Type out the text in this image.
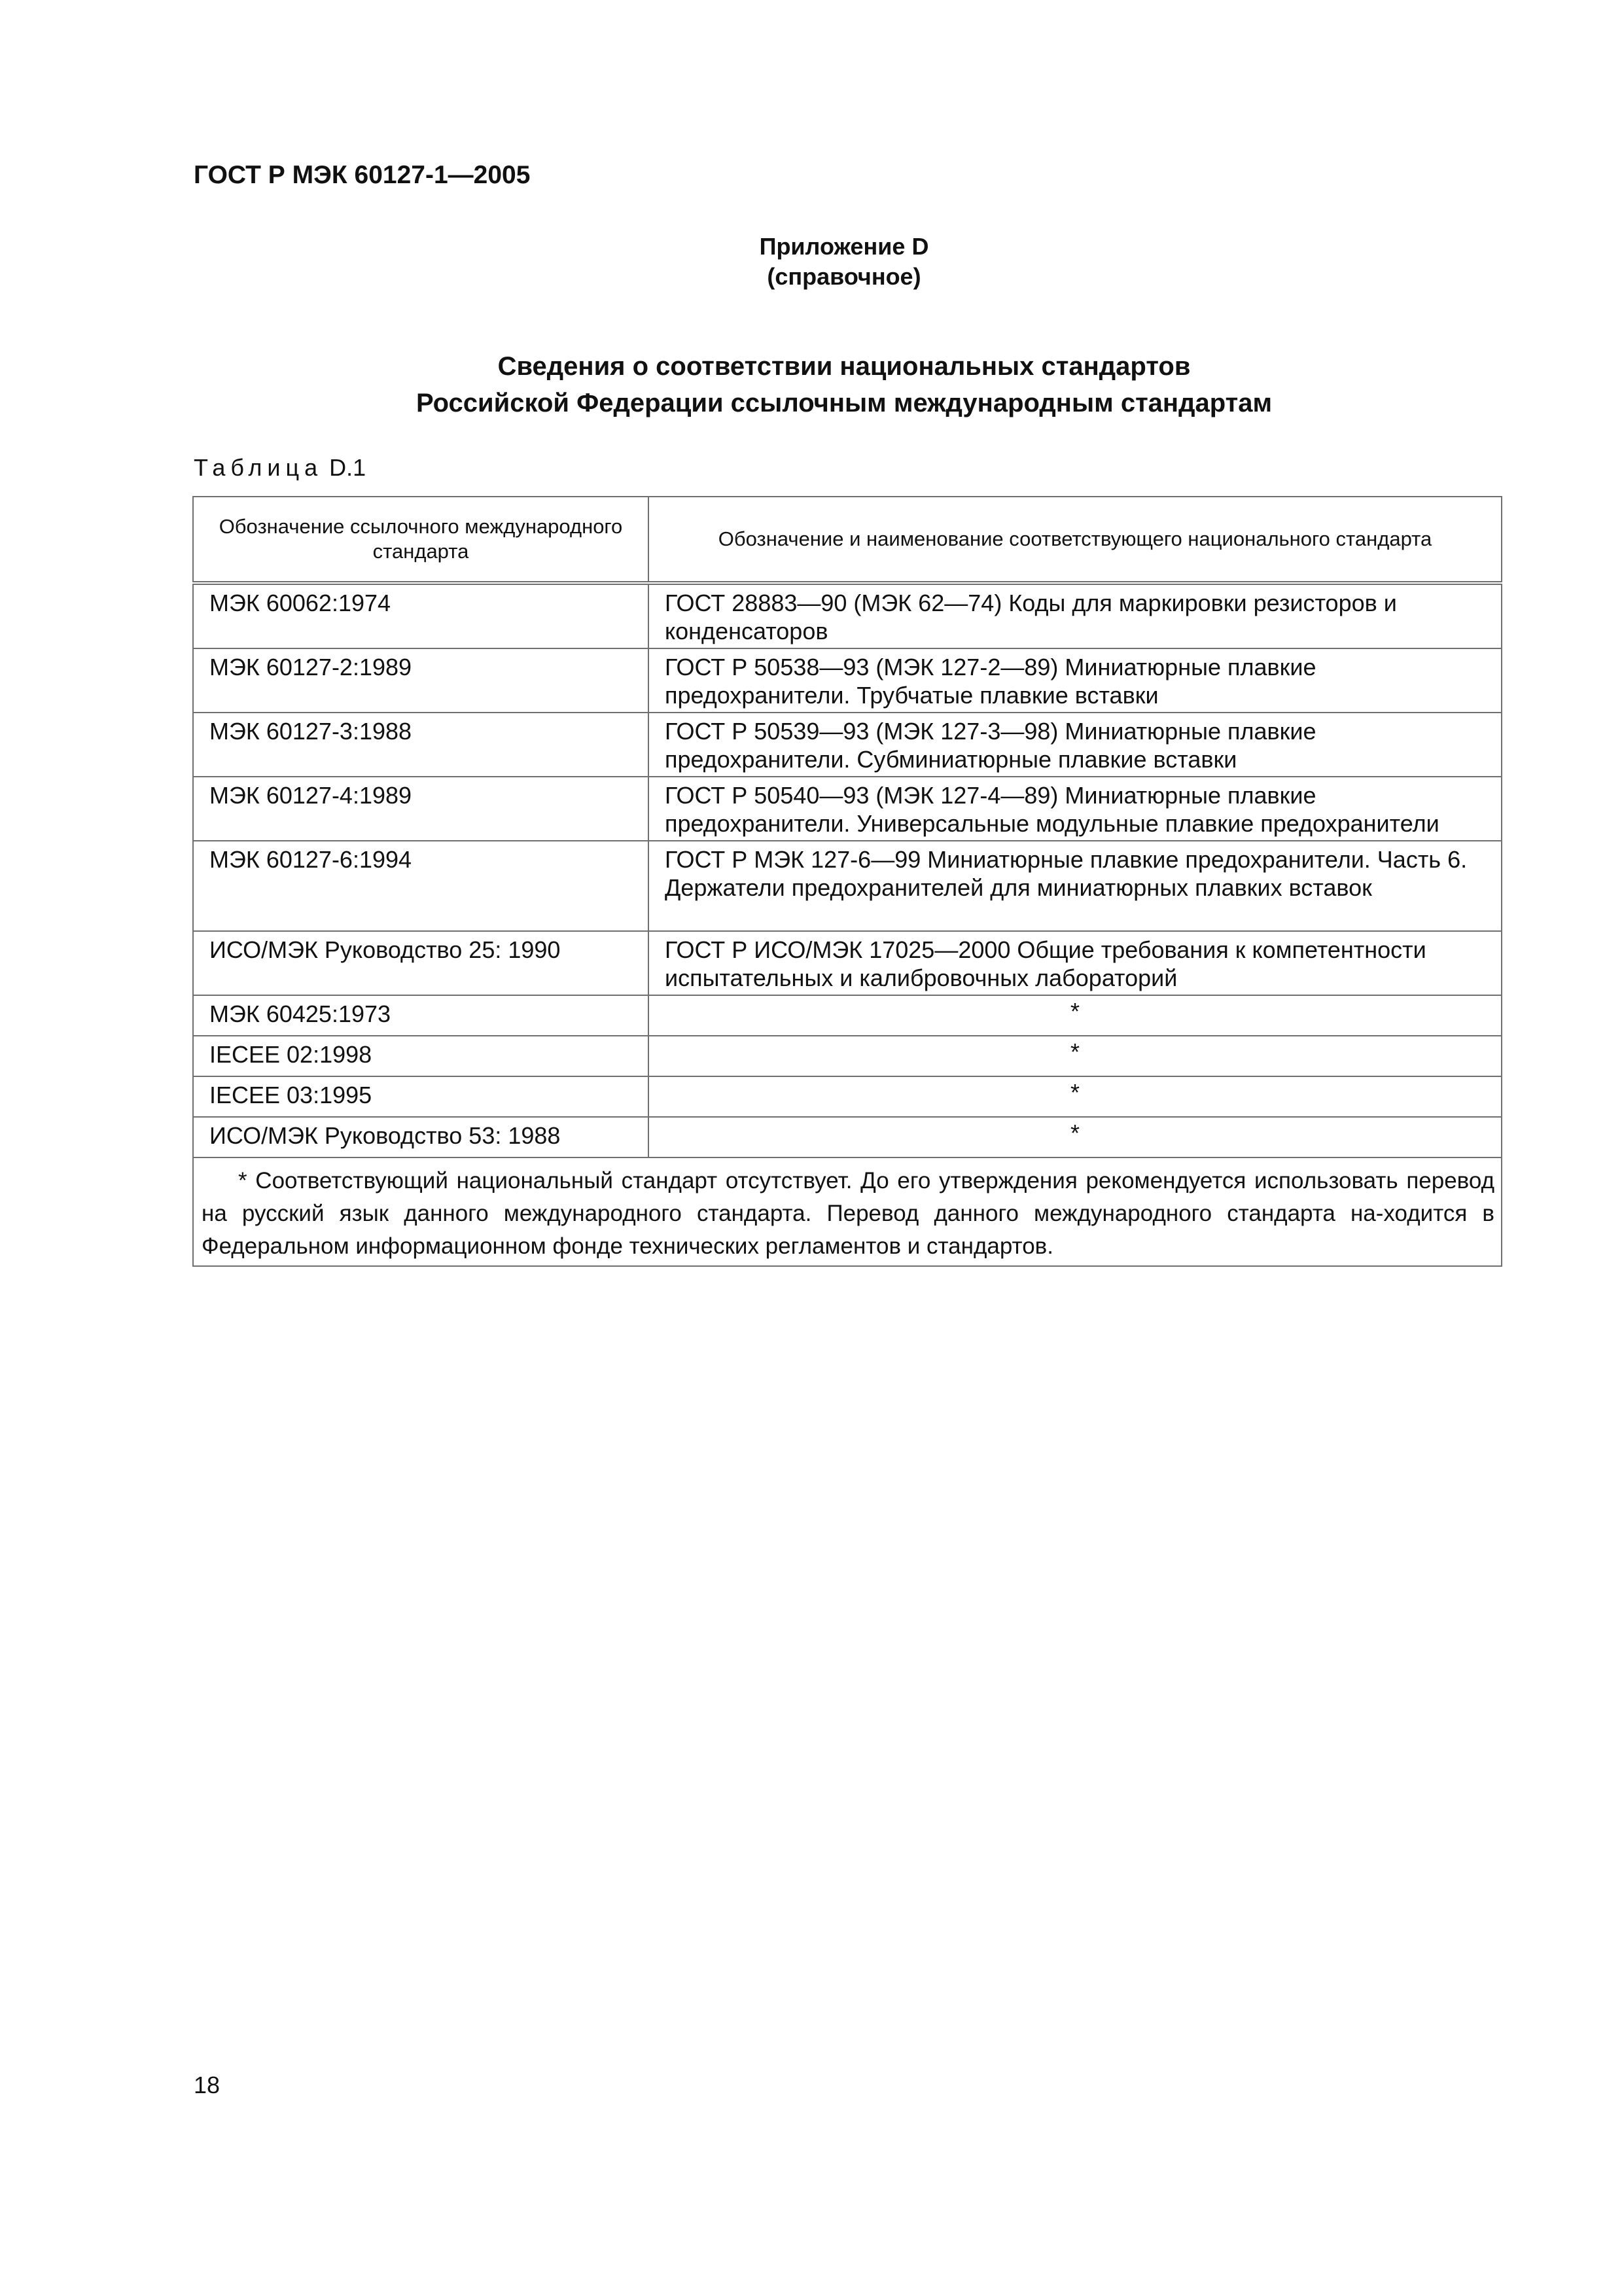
ГОСТ Р МЭК 60127-1—2005

Приложение D

(справочное)

Сведения о соответствии национальных стандартов
Российской Федерации ссылочным международным стандартам
Таблица D.1
Обозначение ссылочного международного стандарта	Обозначение и наименование соответствующего национального стандарта

МЭК 60062:1974	ГОСТ 28883—90 (МЭК 62—74) Коды для маркировки резисторов и конденсаторов

МЭК 60127-2:1989	ГОСТ Р 50538—93 (МЭК 127-2—89) Миниатюрные плавкие предохранители. Трубчатые плавкие вставки

МЭК 60127-3:1988	ГОСТ Р 50539—93 (МЭК 127-3—98) Миниатюрные плавкие предохранители. Субминиатюрные плавкие вставки

МЭК 60127-4:1989	ГОСТ Р 50540—93 (МЭК 127-4—89) Миниатюрные плавкие предохранители. Универсальные модульные плавкие предохранители

МЭК 60127-6:1994	ГОСТ Р МЭК 127-6—99 Миниатюрные плавкие предохранители. Часть 6. Держатели предохранителей для миниатюрных плавких вставок

ИСО/МЭК Руководство 25: 1990	ГОСТ Р ИСО/МЭК 17025—2000 Общие требования к компетентности испытательных и калибровочных лабораторий

МЭК 60425:1973	*

IECEE 02:1998	*

IECEE 03:1995	*

ИСО/МЭК Руководство 53: 1988	*

* Соответствующий национальный стандарт отсутствует. До его утверждения рекомендуется использовать перевод на русский язык данного международного стандарта. Перевод данного международного стандарта на-ходится в Федеральном информационном фонде технических регламентов и стандартов.	
18
